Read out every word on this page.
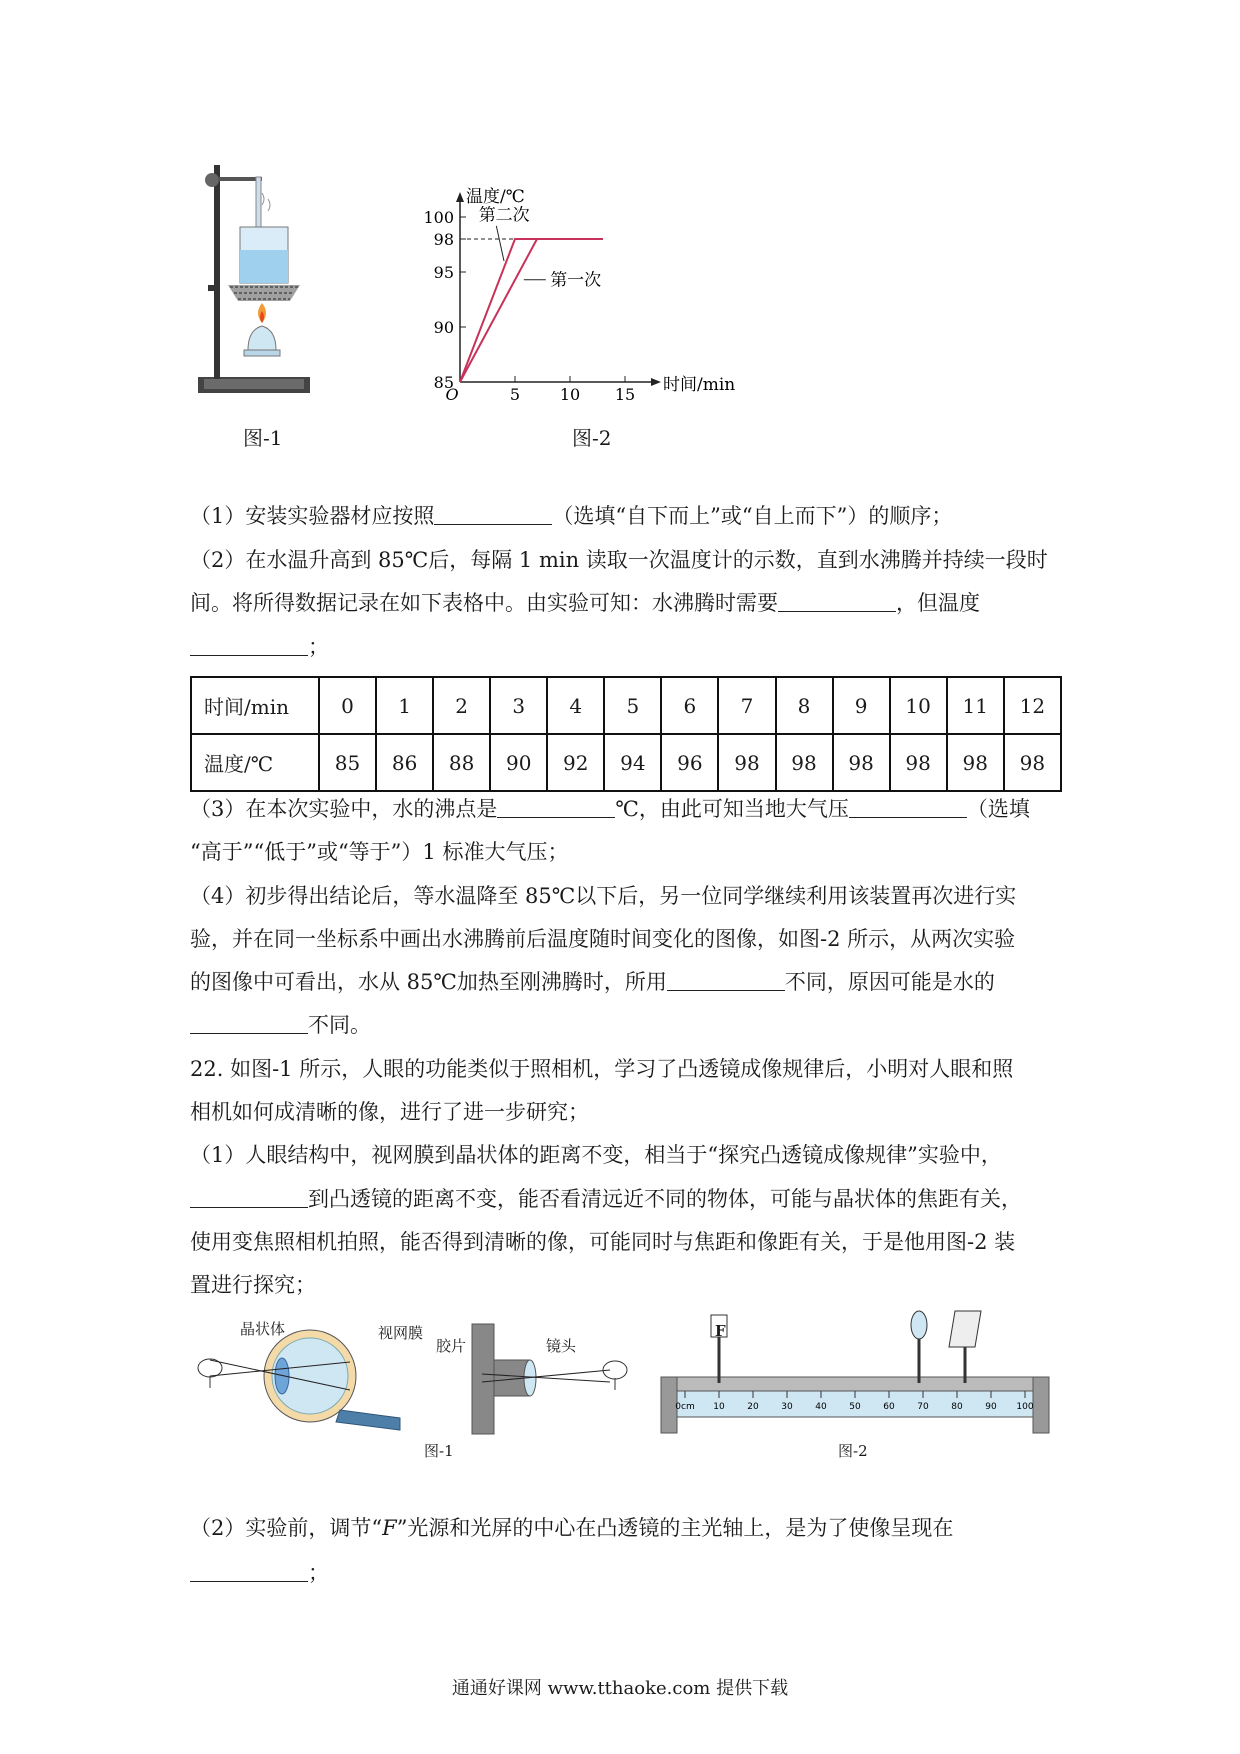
图-1
温度/℃
时间/min
O	5 10 15
85
90
95
98
100
第一次
第二次
图-2
（1）安装实验器材应按照	（选填“自下而上”或“自上而下”）的顺序；
（2）在水温升高到 85℃后，每隔 1 min 读取一次温度计的示数，直到水沸腾并持续一段时
间。将所得数据记录在如下表格中。由实验可知：水沸腾时需要	，但温度
；
时间/min	0	1	2	3	4	5	6	7	8	9	10	11	12
温度/℃	85	86	88	90	92	94	96	98	98	98	98	98	98
（3）在本次实验中，水的沸点是	℃，由此可知当地大气压	（选填
“高于”“低于”或“等于”）1 标准大气压；
（4）初步得出结论后，等水温降至 85℃以下后，另一位同学继续利用该装置再次进行实
验，并在同一坐标系中画出水沸腾前后温度随时间变化的图像，如图-2 所示，从两次实验
的图像中可看出，水从 85℃加热至刚沸腾时，所用	不同，原因可能是水的
不同。
22. 如图-1 所示，人眼的功能类似于照相机，学习了凸透镜成像规律后，小明对人眼和照
相机如何成清晰的像，进行了进一步研究；
（1）人眼结构中，视网膜到晶状体的距离不变，相当于“探究凸透镜成像规律”实验中，
到凸透镜的距离不变，能否看清远近不同的物体，可能与晶状体的焦距有关，
使用变焦照相机拍照，能否得到清晰的像，可能同时与焦距和像距有关，于是他用图-2 装
置进行探究；
晶状体	视网膜
胶片	镜头
图-1
0cm 10	20	30	40	50	60	70	80	90 100
F
图-2
（2）实验前，调节“F”光源和光屏的中心在凸透镜的主光轴上，是为了使像呈现在
；
通通好课网 www.tthaoke.com 提供下载
